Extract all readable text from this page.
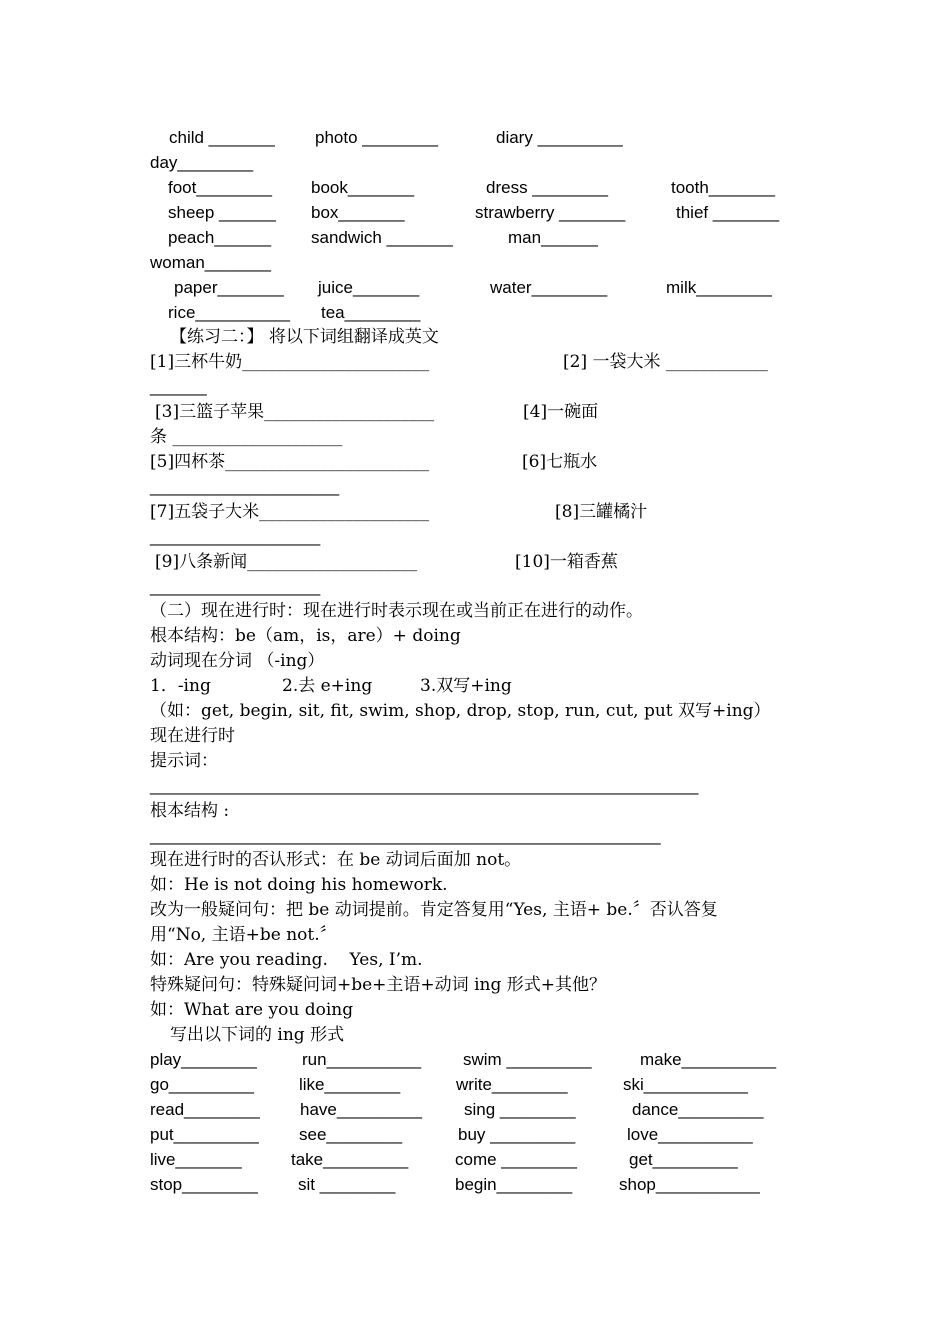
child _______ photo ________	diary _________
day________
foot________ book_______	dress ________	tooth_______
sheep ______ box_______	strawberry _______	thief _______
peach______ sandwich _______	man______
woman_______
paper_______ juice_______	water________	milk________
rice__________ tea________
【练习二：】 将以下词组翻译成英文
[1]三杯牛奶______________________	[2] 一袋大米 ____________
______
[3]三篮子苹果____________________	[4]一碗面
条 ____________________
[5]四杯茶________________________	[6]七瓶水
____________________
[7]五袋子大米____________________	[8]三罐橘汁
__________________
[9]八条新闻____________________	[10]一箱香蕉
__________________
（二）现在进行时：现在进行时表示现在或当前正在进行的动作。
根本结构：be（am，is，are）+ doing
动词现在分词 （-ing）
1．-ing	2.去 e+ing	3.双写+ing
（如：get, begin, sit, fit, swim, shop, drop, stop, run, cut, put 双写+ing）
现在进行时
提示词：
__________________________________________________________
根本结构 :
______________________________________________________
现在进行时的否认形式：在 be 动词后面加 not。
如：He is not doing his homework.
改为一般疑问句：把 be 动词提前。肯定答复用“Yes, 主语+ be.〞否认答复
用“No, 主语+be not.〞
如：Are you reading.    Yes, I’m.
特殊疑问句：特殊疑问词+be+主语+动词 ing 形式+其他？
如：What are you doing
写出以下词的 ing 形式
play________	run__________ swim _________	make__________
go_________	like________	write________	ski___________
read________ have_________ sing ________	dance_________
put_________ see________	buy _________	love__________
live_______	take_________	come ________	get_________
stop________ sit ________	begin________	shop___________
